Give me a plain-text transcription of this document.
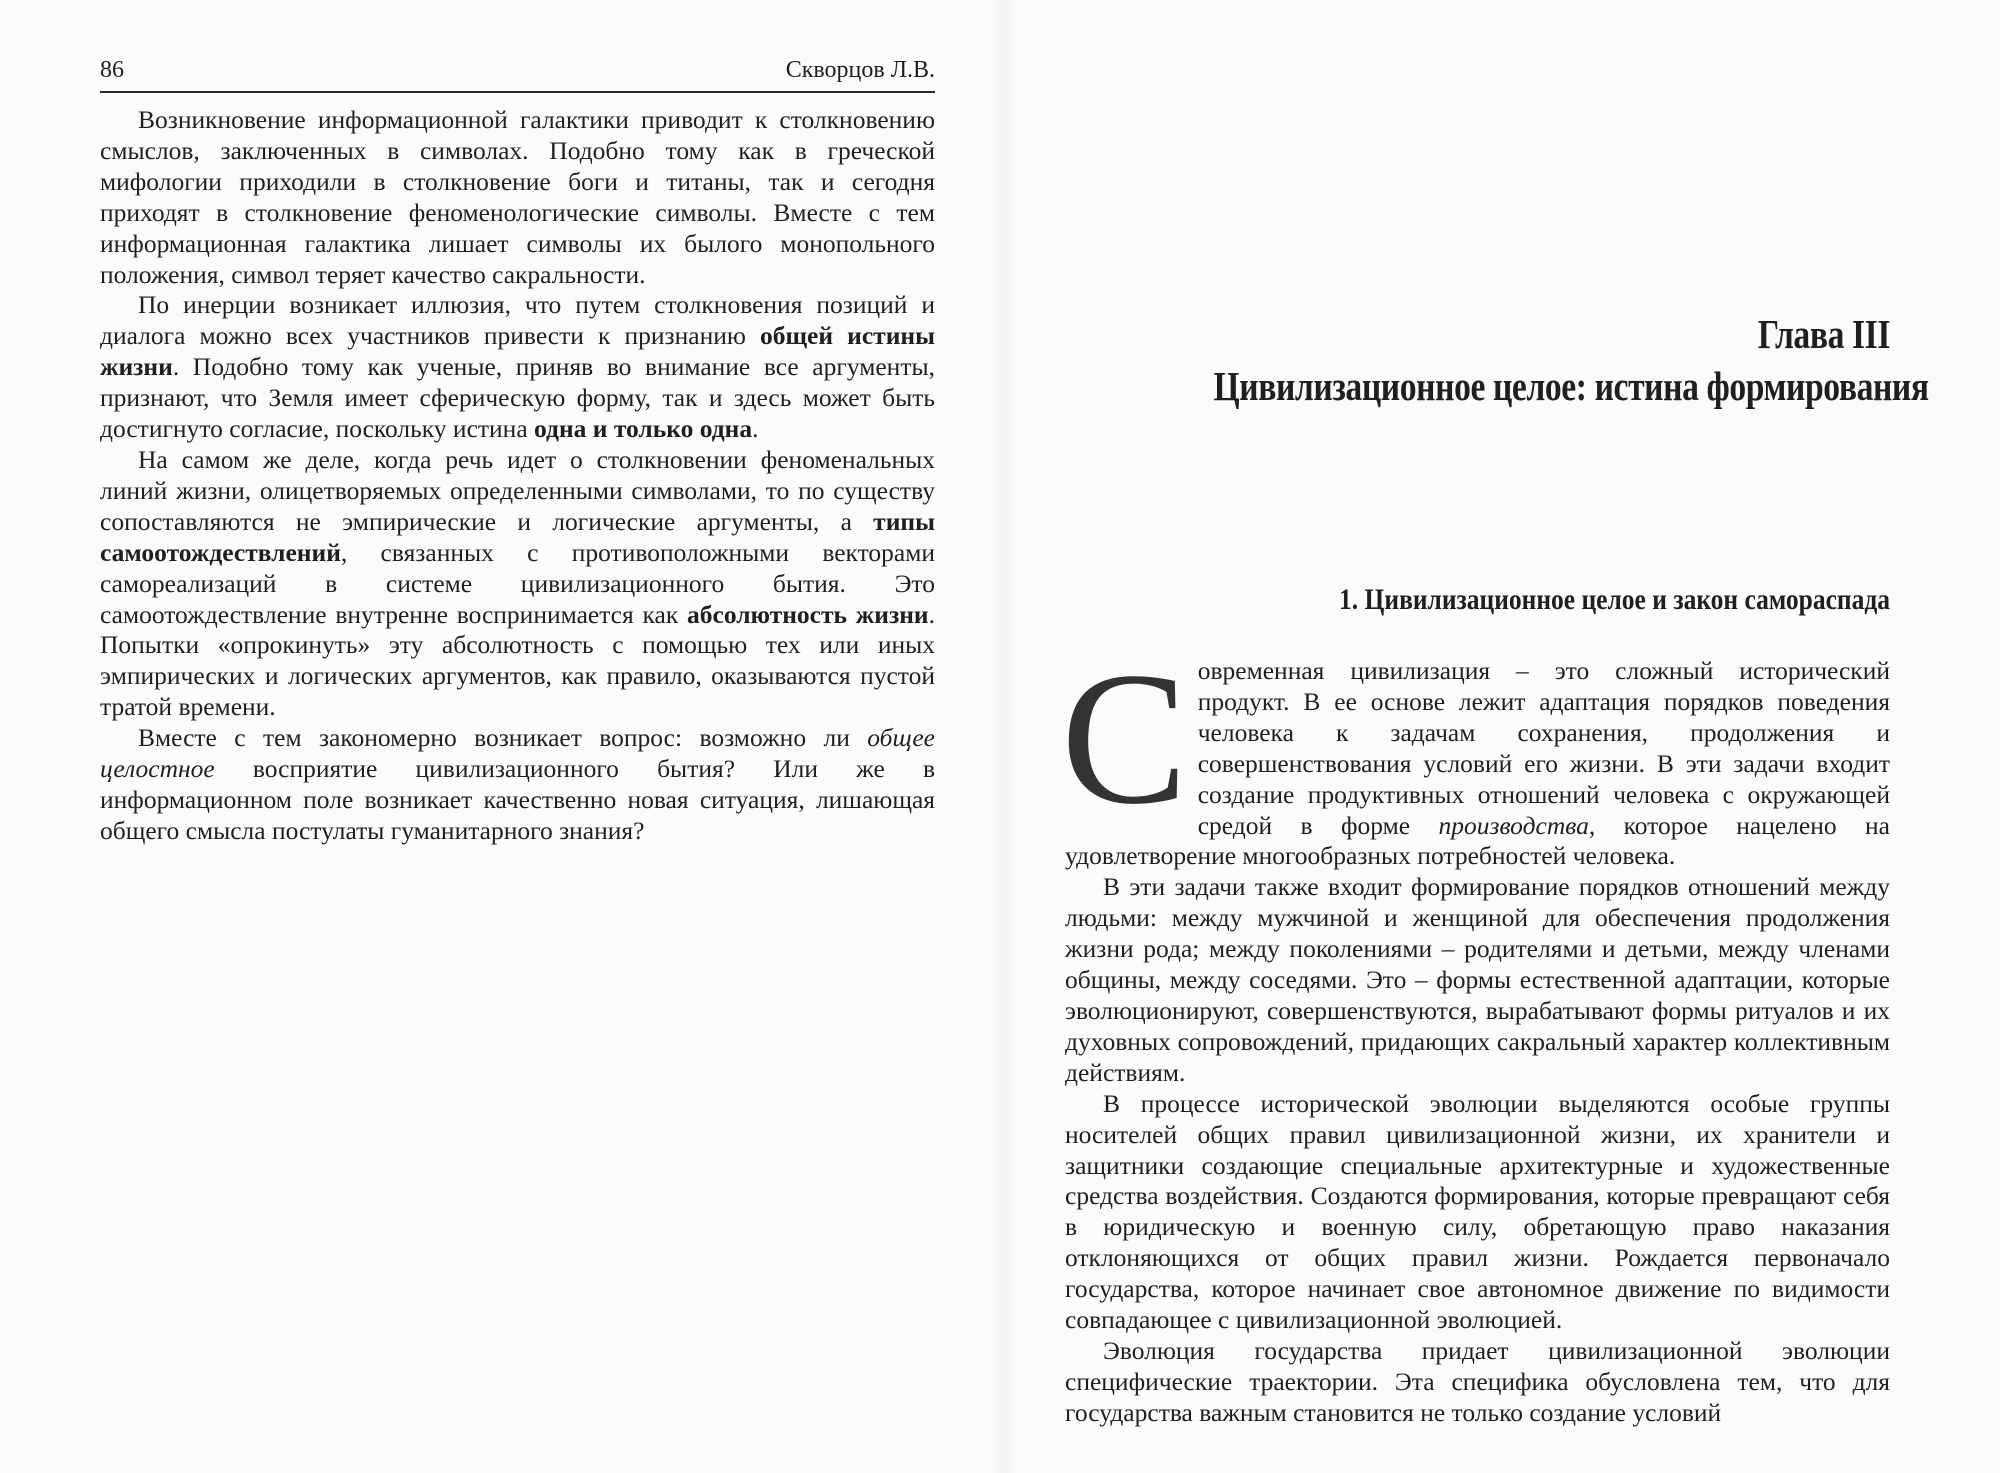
86	Скворцов Л.В.

Возникновение информационной галактики приводит к столкновению смыслов, заключенных в символах. Подобно тому как в греческой мифологии приходили в столкновение боги и титаны, так и сегодня приходят в столкновение феноменологические символы. Вместе с тем информационная галактика лишает символы их былого монопольного положения, символ теряет качество сакральности.

По инерции возникает иллюзия, что путем столкновения позиций и диалога можно всех участников привести к признанию общей истины жизни. Подобно тому как ученые, приняв во внимание все аргументы, признают, что Земля имеет сферическую форму, так и здесь может быть достигнуто согласие, поскольку истина одна и только одна.

На самом же деле, когда речь идет о столкновении феноменальных линий жизни, олицетворяемых определенными символами, то по существу сопоставляются не эмпирические и логические аргументы, а типы самоотождествлений, связанных с противоположными векторами самореализаций в системе цивилизационного бытия. Это самоотождествление внутренне воспринимается как абсолютность жизни. Попытки «опрокинуть» эту абсолютность с помощью тех или иных эмпирических и логических аргументов, как правило, оказываются пустой тратой времени.

Вместе с тем закономерно возникает вопрос: возможно ли общее целостное восприятие цивилизационного бытия? Или же в информационном поле возникает качественно новая ситуация, лишающая общего смысла постулаты гуманитарного знания?

Глава III
Цивилизационное целое: истина формирования
1. Цивилизационное целое и закон самораспада

Современная цивилизация – это сложный исторический продукт. В ее основе лежит адаптация порядков поведения человека к задачам сохранения, продолжения и совершенствования условий его жизни. В эти задачи входит создание продуктивных отношений человека с окружающей средой в форме производства, которое нацелено на удовлетворение многообразных потребностей человека.

В эти задачи также входит формирование порядков отношений между людьми: между мужчиной и женщиной для обеспечения продолжения жизни рода; между поколениями – родителями и детьми, между членами общины, между соседями. Это – формы естественной адаптации, которые эволюционируют, совершенствуются, вырабатывают формы ритуалов и их духовных сопровождений, придающих сакральный характер коллективным действиям.

В процессе исторической эволюции выделяются особые группы носителей общих правил цивилизационной жизни, их хранители и защитники создающие специальные архитектурные и художественные средства воздействия. Создаются формирования, которые превращают себя в юридическую и военную силу, обретающую право наказания отклоняющихся от общих правил жизни. Рождается первоначало государства, которое начинает свое автономное движение по видимости совпадающее с цивилизационной эволюцией.

Эволюция государства придает цивилизационной эволюции специфические траектории. Эта специфика обусловлена тем, что для государства важным становится не только создание условий
